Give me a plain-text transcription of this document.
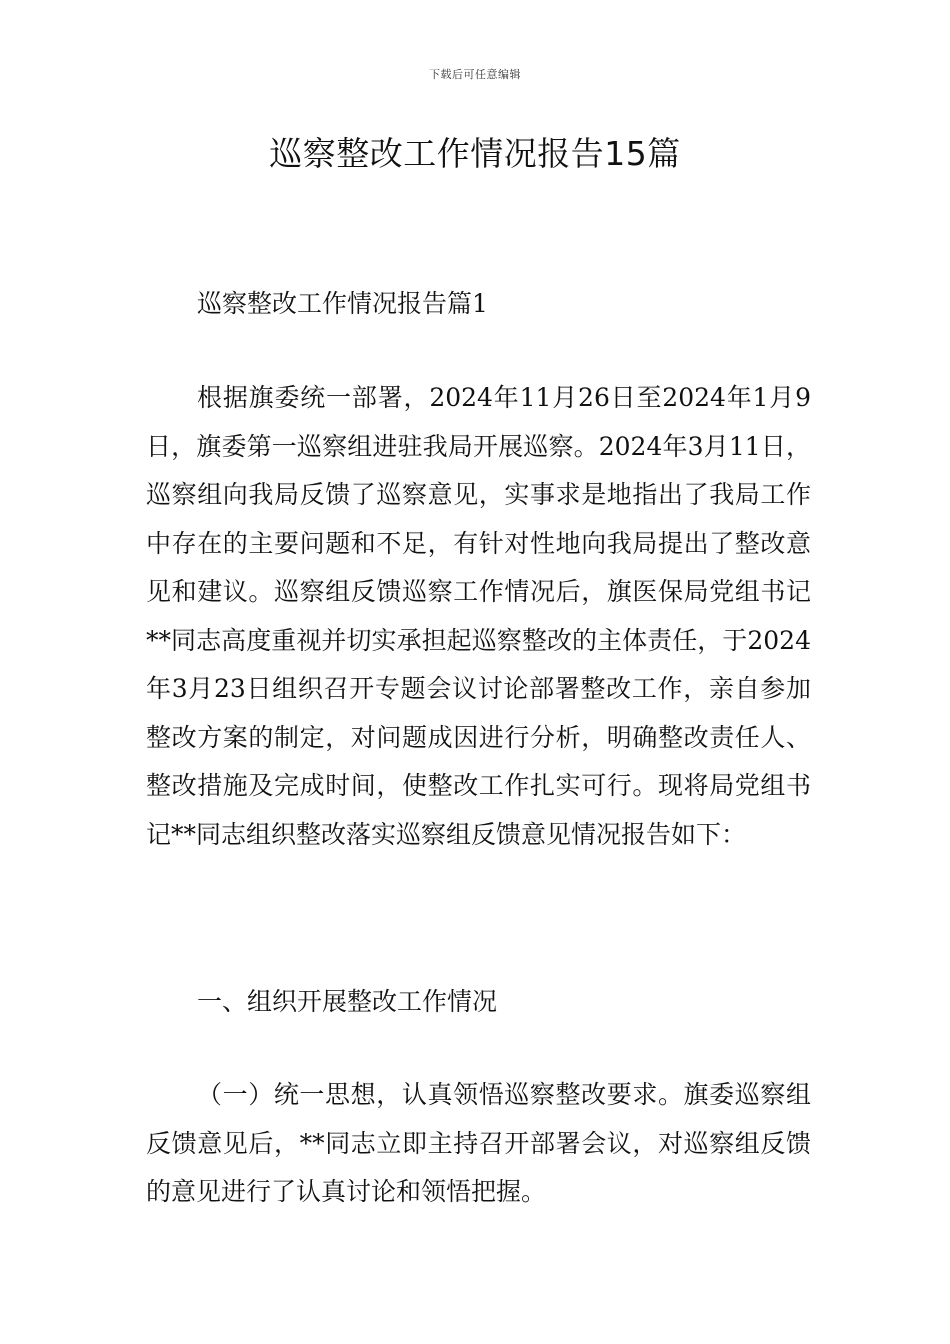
下载后可任意编辑
巡察整改工作情况报告15篇
巡察整改工作情况报告篇1

根据旗委统一部署，2024年11月26日至2024年1月9日，旗委第一巡察组进驻我局开展巡察。2024年3月11日，巡察组向我局反馈了巡察意见，实事求是地指出了我局工作中存在的主要问题和不足，有针对性地向我局提出了整改意见和建议。巡察组反馈巡察工作情况后，旗医保局党组书记**同志高度重视并切实承担起巡察整改的主体责任，于2024年3月23日组织召开专题会议讨论部署整改工作，亲自参加整改方案的制定，对问题成因进行分析，明确整改责任人、整改措施及完成时间，使整改工作扎实可行。现将局党组书记**同志组织整改落实巡察组反馈意见情况报告如下：

一、组织开展整改工作情况

（一）统一思想，认真领悟巡察整改要求。旗委巡察组反馈意见后，**同志立即主持召开部署会议，对巡察组反馈的意见进行了认真讨论和领悟把握。
